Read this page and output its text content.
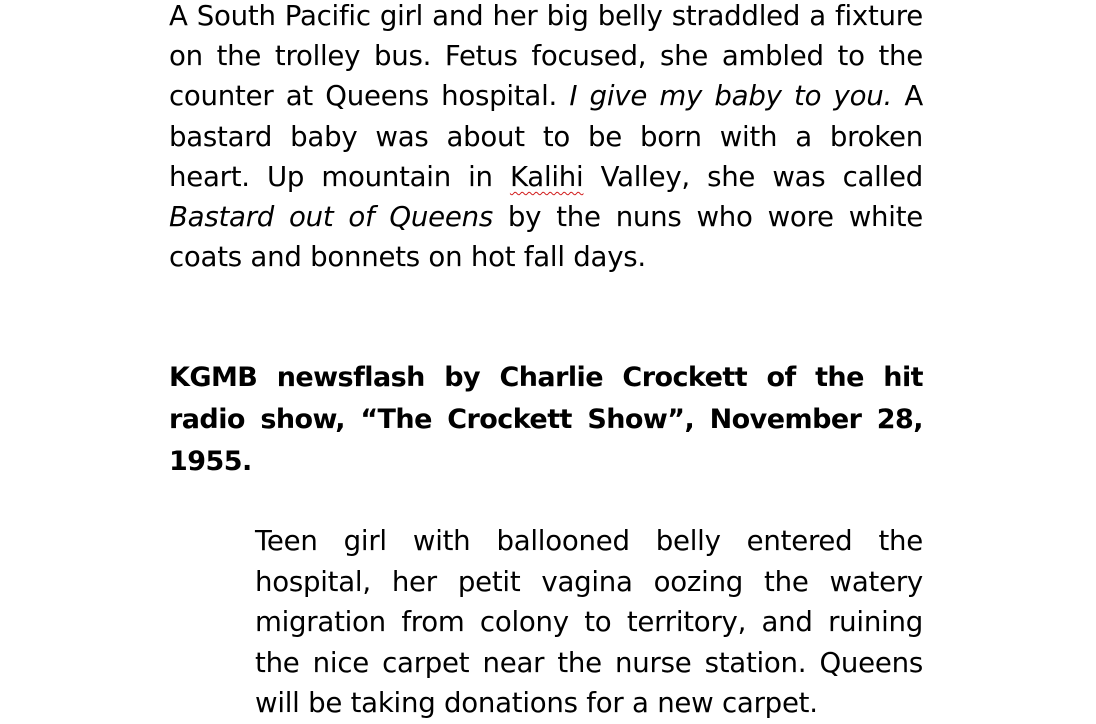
A South Pacific girl and her big belly straddled a fixture on the trolley bus. Fetus focused, she ambled to the counter at Queens hospital. I give my baby to you. A bastard baby was about to be born with a broken heart. Up mountain in Kalihi Valley, she was called Bastard out of Queens by the nuns who wore white coats and bonnets on hot fall days.

KGMB newsflash by Charlie Crockett of the hit radio show, “The Crockett Show”, November 28, 1955.

Teen girl with ballooned belly entered the hospital, her petit vagina oozing the watery migration from colony to territory, and ruining the nice carpet near the nurse station. Queens will be taking donations for a new carpet.
